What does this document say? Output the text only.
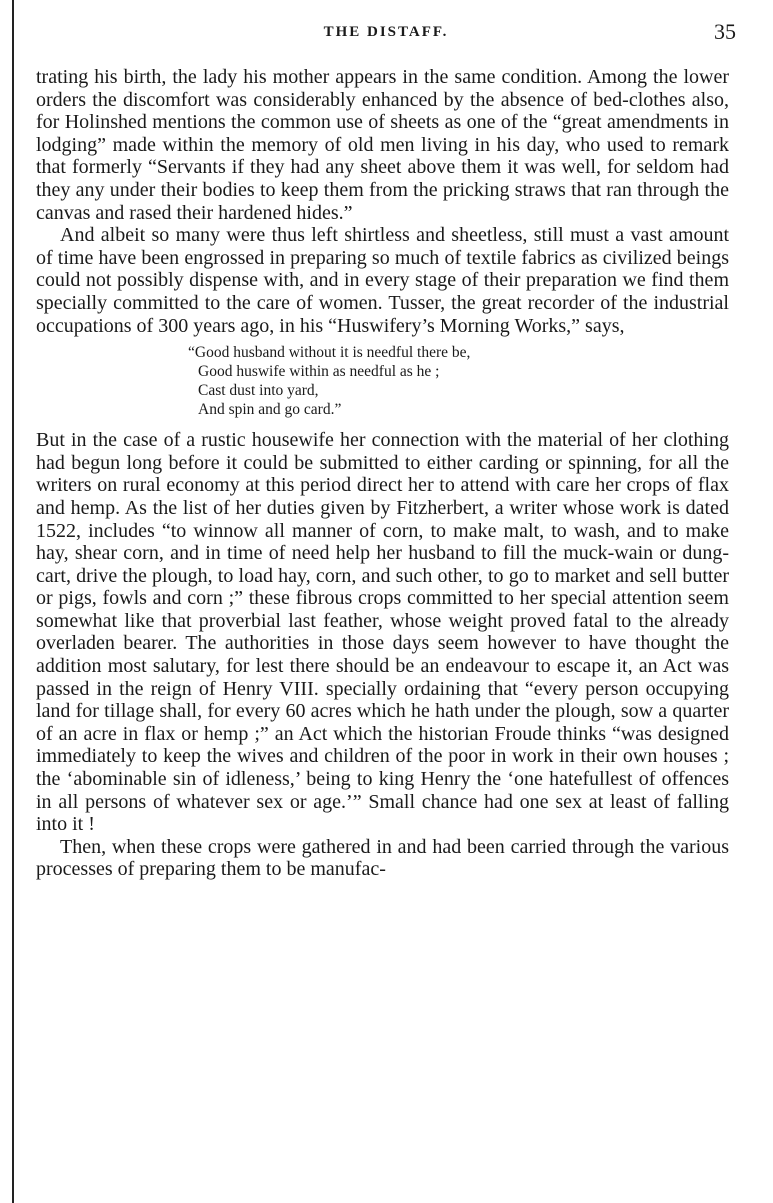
THE DISTAFF.	35

trating his birth, the lady his mother appears in the same condition. Among the lower orders the discomfort was considerably enhanced by the absence of bed-clothes also, for Holinshed mentions the common use of sheets as one of the “great amendments in lodging” made within the memory of old men living in his day, who used to remark that formerly “Servants if they had any sheet above them it was well, for seldom had they any under their bodies to keep them from the pricking straws that ran through the canvas and rased their hardened hides.”

And albeit so many were thus left shirtless and sheetless, still must a vast amount of time have been engrossed in preparing so much of textile fabrics as civilized beings could not possibly dispense with, and in every stage of their preparation we find them specially committed to the care of women. Tusser, the great recorder of the industrial occupations of 300 years ago, in his “Huswifery’s Morning Works,” says,

“Good husband without it is needful there be,
Good huswife within as needful as he ;
Cast dust into yard,
And spin and go card.”

But in the case of a rustic housewife her connection with the material of her clothing had begun long before it could be submitted to either carding or spinning, for all the writers on rural economy at this period direct her to attend with care her crops of flax and hemp. As the list of her duties given by Fitzherbert, a writer whose work is dated 1522, includes “to winnow all manner of corn, to make malt, to wash, and to make hay, shear corn, and in time of need help her husband to fill the muck-wain or dung-cart, drive the plough, to load hay, corn, and such other, to go to market and sell butter or pigs, fowls and corn ;” these fibrous crops committed to her special attention seem somewhat like that proverbial last feather, whose weight proved fatal to the already overladen bearer. The authorities in those days seem however to have thought the addition most salutary, for lest there should be an endeavour to escape it, an Act was passed in the reign of Henry VIII. specially ordaining that “every person occupying land for tillage shall, for every 60 acres which he hath under the plough, sow a quarter of an acre in flax or hemp ;” an Act which the historian Froude thinks “was designed immediately to keep the wives and children of the poor in work in their own houses ; the ‘abominable sin of idleness,’ being to king Henry the ‘one hatefullest of offences in all persons of whatever sex or age.’” Small chance had one sex at least of falling into it !

Then, when these crops were gathered in and had been carried through the various processes of preparing them to be manufac-
